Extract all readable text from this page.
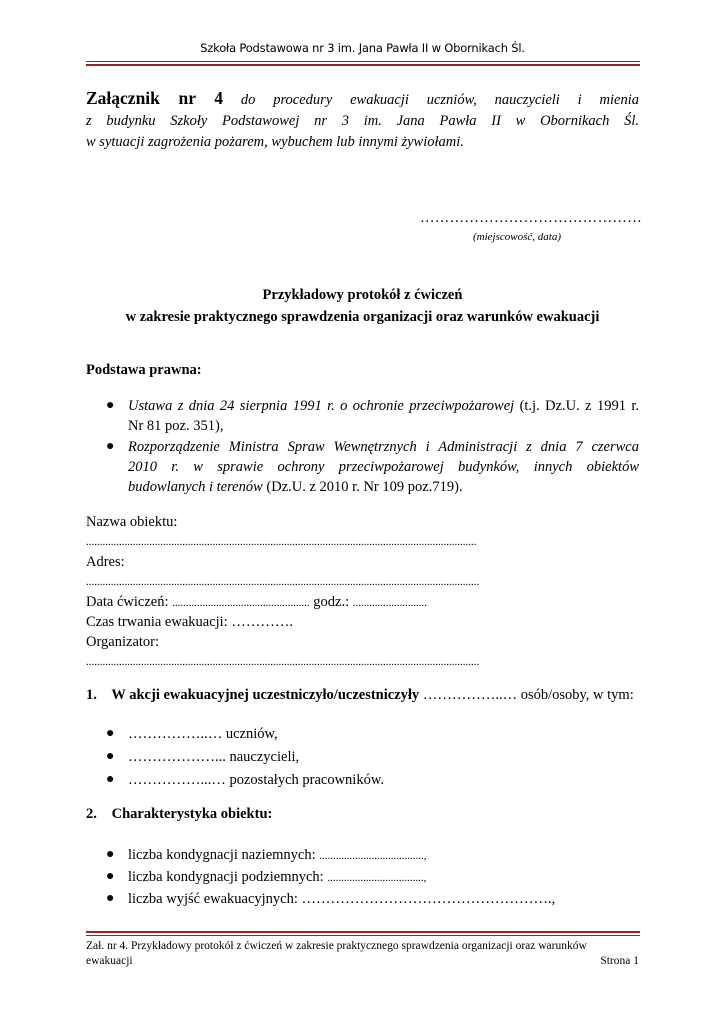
Szkoła Podstawowa nr 3 im. Jana Pawła II w Obornikach Śl.
Załącznik nr 4 do procedury ewakuacji uczniów, nauczycieli i mienia
z budynku Szkoły Podstawowej nr 3 im. Jana Pawła II w Obornikach Śl.
w sytuacji zagrożenia pożarem, wybuchem lub innymi żywiołami.
………………………………………
(miejscowość, data)
Przykładowy protokół z ćwiczeń
w zakresie praktycznego sprawdzenia organizacji oraz warunków ewakuacji
Podstawa prawna:
● Ustawa z dnia 24 sierpnia 1991 r. o ochronie przeciwpożarowej (t.j. Dz.U. z 1991 r.
Nr 81 poz. 351),
● Rozporządzenie Ministra Spraw Wewnętrznych i Administracji z dnia 7 czerwca
2010 r. w sprawie ochrony przeciwpożarowej budynków, innych obiektów
budowlanych i terenów (Dz.U. z 2010 r. Nr 109 poz.719).
Nazwa obiektu:
..............................................................................................................................................
Adres:
...............................................................................................................................................
Data ćwiczeń: .................................................. godz.: ...........................
Czas trwania ewakuacji: ………….
Organizator:
...............................................................................................................................................
1. W akcji ewakuacyjnej uczestniczyło/uczestniczyły ……………..… osób/osoby, w tym:
● ……………..… uczniów,
● ………………... nauczycieli,
● ……………...… pozostałych pracowników.
2. Charakterystyka obiektu:
● liczba kondygnacji naziemnych: ......................................,
● liczba kondygnacji podziemnych: ...................................,
● liczba wyjść ewakuacyjnych: …………………………………………….,
Zał. nr 4. Przykładowy protokół z ćwiczeń w zakresie praktycznego sprawdzenia organizacji oraz warunków
ewakuacji	Strona 1
